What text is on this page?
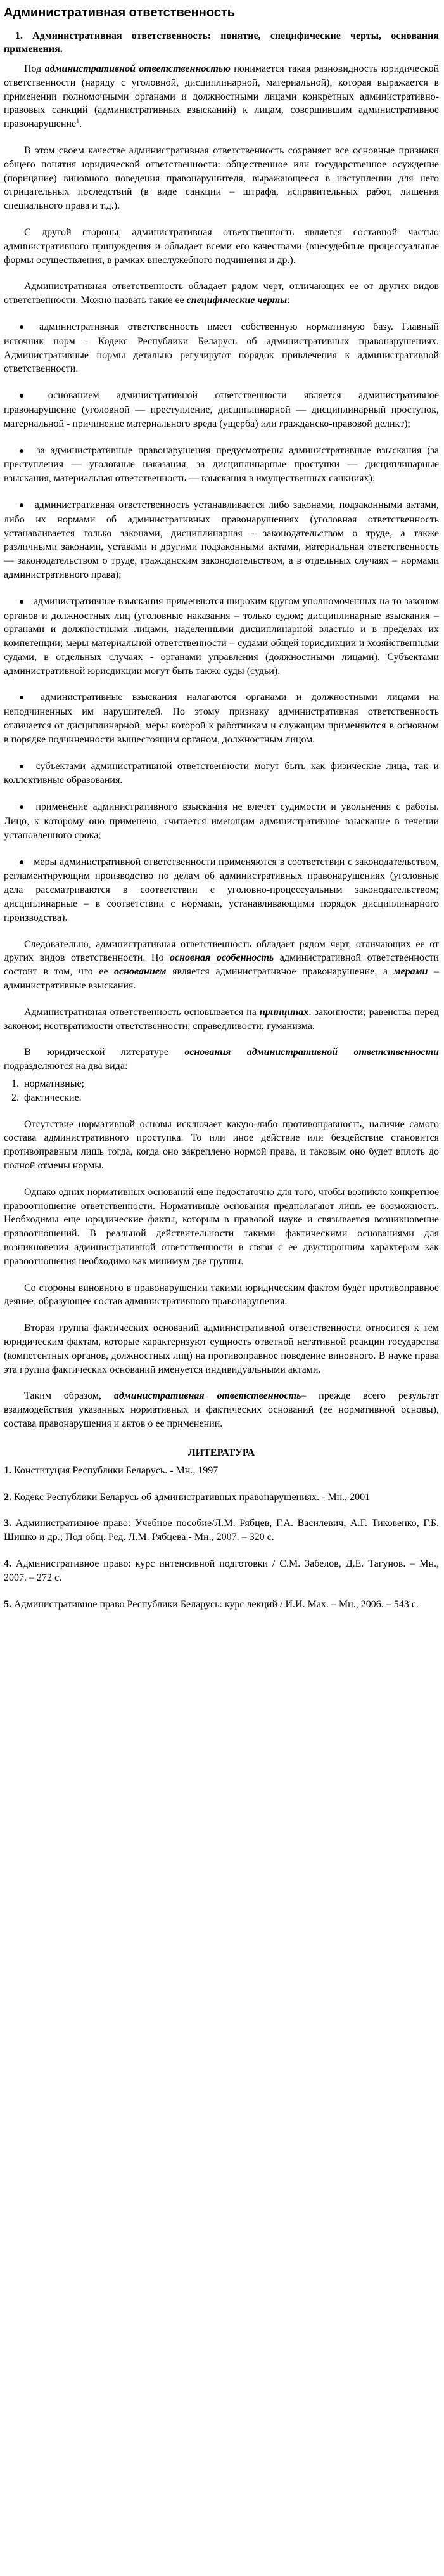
Административная ответственность
1. Административная ответственность: понятие, специфические черты, основания применения.

Под административной ответственностью понимается такая разновидность юридической ответственности (наряду с уголовной, дисциплинарной, материальной), которая выражается в применении полномочными органами и должностными лицами конкретных административно-правовых санкций (административных взысканий) к лицам, совершившим административное правонарушение$^1$.

В этом своем качестве административная ответственность сохраняет все основные признаки общего понятия юридической ответственности: общественное или государственное осуждение (порицание) виновного поведения правонарушителя, выражающееся в наступлении для него отрицательных последствий (в виде санкции – штрафа, исправительных работ, лишения специального права и т.д.).

С другой стороны, административная ответственность является составной частью административного принуждения и обладает всеми его качествами (внесудебные процессуальные формы осуществления, в рамках внеслужебного подчинения и др.).

Административная ответственность обладает рядом черт, отличающих ее от других видов ответственности. Можно назвать такие ее специфические черты:

● административная ответственность имеет собственную нормативную базу. Главный источник норм - Кодекс Республики Беларусь об административных правонарушениях. Административные нормы детально регулируют порядок привлечения к административной ответственности.

● основанием административной ответственности является административное правонарушение (уголовной — преступление, дисциплинарной — дисциплинарный проступок, материальной - причинение материального вреда (ущерба) или гражданско-правовой деликт);

● за административные правонарушения предусмотрены административные взыскания (за преступления — уголовные наказания, за дисциплинарные проступки — дисциплинарные взыскания, материальная ответственность — взыскания в имущественных санкциях);

● административная ответственность устанавливается либо законами, подзаконными актами, либо их нормами об административных правонарушениях (уголовная ответственность устанавливается только законами, дисциплинарная - законодательством о труде, а также различными законами, уставами и другими подзаконными актами, материальная ответственность — законодательством о труде, гражданским законодательством, а в отдельных случаях – нормами административного права);

● административные взыскания применяются широким кругом уполномоченных на то законом органов и должностных лиц (уголовные наказания – только судом; дисциплинарные взыскания – органами и должностными лицами, наделенными дисциплинарной властью и в пределах их компетенции; меры материальной ответственности – судами общей юрисдикции и хозяйственными судами, в отдельных случаях - органами управления (должностными лицами). Субъектами административной юрисдикции могут быть также суды (судьи).

● административные взыскания налагаются органами и должностными лицами на неподчиненных им нарушителей. По этому признаку административная ответственность отличается от дисциплинарной, меры которой к работникам и служащим применяются в основном в порядке подчиненности вышестоящим органом, должностным лицом.

● субъектами административной ответственности могут быть как физические лица, так и коллективные образования.

● применение административного взыскания не влечет судимости и увольнения с работы. Лицо, к которому оно применено, считается имеющим административное взыскание в течении установленного срока;

● меры административной ответственности применяются в соответствии с законодательством, регламентирующим производство по делам об административных правонарушениях (уголовные дела рассматриваются в соответствии с уголовно-процессуальным законодательством; дисциплинарные – в соответствии с нормами, устанавливающими порядок дисциплинарного производства).

Следовательно, административная ответственность обладает рядом черт, отличающих ее от других видов ответственности. Но основная особенность административной ответственности состоит в том, что ее основанием является административное правонарушение, а мерами – административные взыскания.

Административная ответственность основывается на принципах: законности; равенства перед законом; неотвратимости ответственности; справедливости; гуманизма.

В юридической литературе основания административной ответственности подразделяются на два вида:

1. нормативные;
2. фактические.

Отсутствие нормативной основы исключает какую-либо противоправность, наличие самого состава административного проступка. То или иное действие или бездействие становится противоправным лишь тогда, когда оно закреплено нормой права, и таковым оно будет вплоть до полной отмены нормы.

Однако одних нормативных оснований еще недостаточно для того, чтобы возникло конкретное правоотношение ответственности. Нормативные основания предполагают лишь ее возможность. Необходимы еще юридические факты, которым в правовой науке и связывается возникновение правоотношений. В реальной действительности такими фактическими основаниями для возникновения административной ответственности в связи с ее двусторонним характером как правоотношения необходимо как минимум две группы.

Со стороны виновного в правонарушении такими юридическим фактом будет противоправное деяние, образующее состав административного правонарушения.

Вторая группа фактических оснований административной ответственности относится к тем юридическим фактам, которые характеризуют сущность ответной негативной реакции государства (компетентных органов, должностных лиц) на противоправное поведение виновного. В науке права эта группа фактических оснований именуется индивидуальными актами.

Таким образом, административная ответственность– прежде всего результат взаимодействия указанных нормативных и фактических оснований (ее нормативной основы), состава правонарушения и актов о ее применении.

ЛИТЕРАТУРА
1. Конституция Республики Беларусь. - Мн., 1997
2. Кодекс Республики Беларусь об административных правонарушениях. - Мн., 2001
3. Административное право: Учебное пособие/Л.М. Рябцев, Г.А. Василевич, А.Г. Тиковенко, Г.Б. Шишко и др.; Под общ. Ред. Л.М. Рябцева.- Мн., 2007. – 320 с.
4. Административное право: курс интенсивной подготовки / С.М. Забелов, Д.Е. Тагунов. – Мн., 2007. – 272 с.
5. Административное право Республики Беларусь: курс лекций / И.И. Мах. – Мн., 2006. – 543 с.
